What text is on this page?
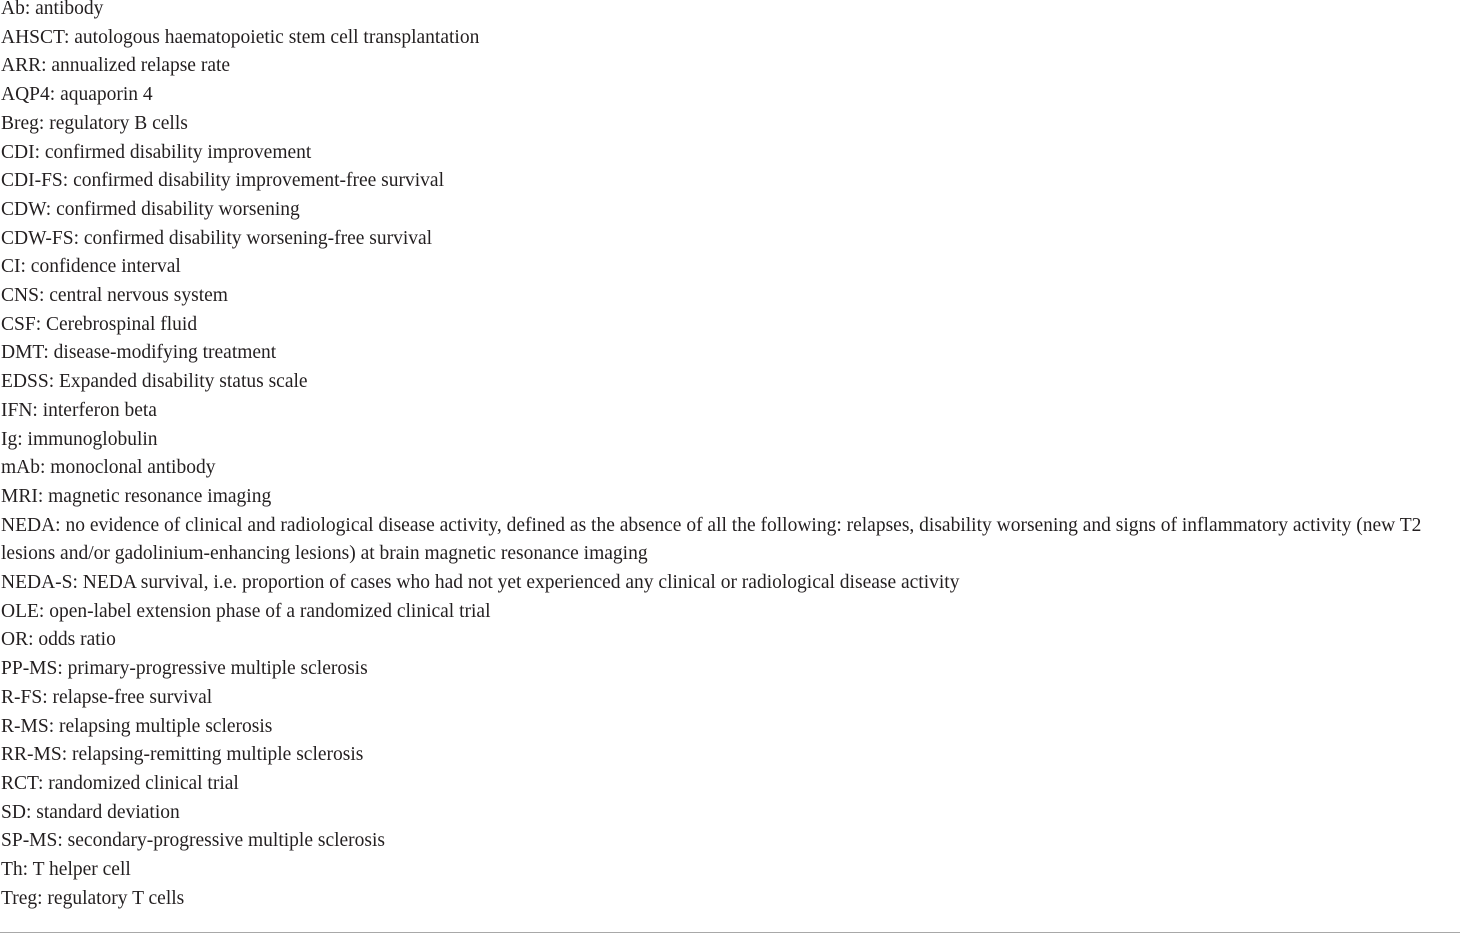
Ab: antibody
AHSCT: autologous haematopoietic stem cell transplantation
ARR: annualized relapse rate
AQP4: aquaporin 4
Breg: regulatory B cells
CDI: confirmed disability improvement
CDI-FS: confirmed disability improvement-free survival
CDW: confirmed disability worsening
CDW-FS: confirmed disability worsening-free survival
CI: confidence interval
CNS: central nervous system
CSF: Cerebrospinal fluid
DMT: disease-modifying treatment
EDSS: Expanded disability status scale
IFN: interferon beta
Ig: immunoglobulin
mAb: monoclonal antibody
MRI: magnetic resonance imaging
NEDA: no evidence of clinical and radiological disease activity, defined as the absence of all the following: relapses, disability worsening and signs of inflammatory activity (new T2 lesions and/or gadolinium-enhancing lesions) at brain magnetic resonance imaging
NEDA-S: NEDA survival, i.e. proportion of cases who had not yet experienced any clinical or radiological disease activity
OLE: open-label extension phase of a randomized clinical trial
OR: odds ratio
PP-MS: primary-progressive multiple sclerosis
R-FS: relapse-free survival
R-MS: relapsing multiple sclerosis
RR-MS: relapsing-remitting multiple sclerosis
RCT: randomized clinical trial
SD: standard deviation
SP-MS: secondary-progressive multiple sclerosis
Th: T helper cell
Treg: regulatory T cells
